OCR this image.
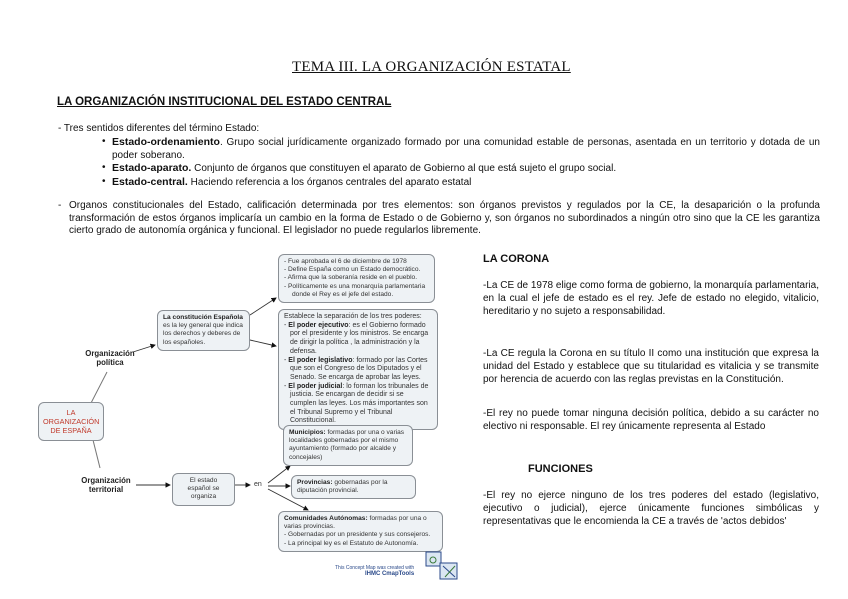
TEMA III. LA ORGANIZACIÓN ESTATAL
LA ORGANIZACIÓN INSTITUCIONAL DEL ESTADO CENTRAL
- Tres sentidos diferentes del término Estado:
• Estado-ordenamiento. Grupo social jurídicamente organizado formado por una comunidad estable de personas, asentada en un territorio y dotada de un poder soberano.
• Estado-aparato. Conjunto de órganos que constituyen el aparato de Gobierno al que está sujeto el grupo social.
• Estado-central. Haciendo referencia a los órganos centrales del aparato estatal
- Organos constitucionales del Estado, calificación determinada por tres elementos: son órganos previstos y regulados por la CE, la desaparición o la profunda transformación de estos órganos implicaría un cambio en la forma de Estado o de Gobierno y, son órganos no subordinados a ningún otro sino que la CE les garantiza cierto grado de autonomía orgánica y funcional. El legislador no puede regularlos libremente.
LA CORONA
-La CE de 1978 elige como forma de gobierno, la monarquía parlamentaria, en la cual el jefe de estado es el rey. Jefe de estado no elegido, vitalicio, hereditario y no sujeto a responsabilidad.
-La CE regula la Corona en su título II como una institución que expresa la unidad del Estado y establece que su titularidad es vitalicia y se transmite por herencia de acuerdo con las reglas previstas en la Constitución.
-El rey no puede tomar ninguna decisión política, debido a su carácter no electivo ni responsable. El rey únicamente representa al Estado
FUNCIONES
-El rey no ejerce ninguno de los tres poderes del estado (legislativo, ejecutivo o judicial), ejerce únicamente funciones simbólicas y representativas que le encomienda la CE a través de 'actos debidos'
Organización política
LA ORGANIZACIÓN DE ESPAÑA
Organización territorial
La constitución Española
es la ley general que indica los derechos y deberes de los españoles.
- Fue aprobada el 6 de diciembre de 1978
- Define España como un Estado democrático.
- Afirma que la soberanía reside en el pueblo.
- Políticamente es una monarquía parlamentaria
donde el Rey es el jefe del estado.
Establece la separación de los tres poderes:
- El poder ejecutivo: es el Gobierno formado por el presidente y los ministros. Se encarga de dirigir la política , la administración y la defensa.
- El poder legislativo: formado por las Cortes que son el Congreso de los Diputados y el Senado. Se encarga de aprobar las leyes.
- El poder judicial: lo forman los tribunales de justicia. Se encargan de decidir si se cumplen las leyes. Los más importantes son el Tribunal Supremo y el Tribunal Constitucional.
El estado español se organiza
en
Municipios: formadas por una o varias localidades gobernadas por el mismo ayuntamiento (formado por alcalde y concejales)
Provincias: gobernadas por la diputación provincial.
Comunidades Autónomas: formadas por una o varias provincias.
- Gobernadas por un presidente y sus consejeros.
- La principal ley es el Estatuto de Autonomía.
This Concept Map was created with
IHMC CmapTools
